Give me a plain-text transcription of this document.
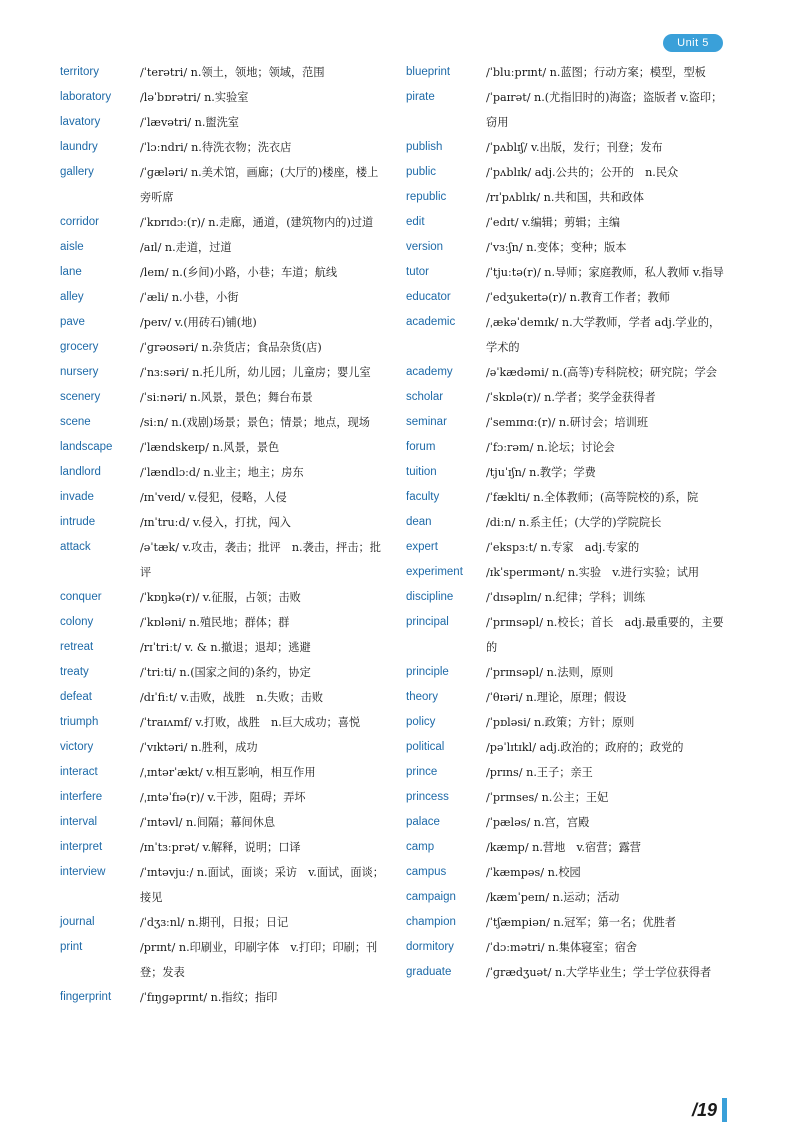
Unit 5
territory	/ˈterətri/ n.领土，领地；领域，范围
laboratory	/ləˈbɒrətri/ n.实验室
lavatory	/ˈlævətri/ n.盥洗室
laundry	/ˈlɔːndri/ n.待洗衣物；洗衣店
gallery	/ˈɡæləri/ n.美术馆，画廊；(大厅的)楼座，楼上旁听席
corridor	/ˈkɒrɪdɔː(r)/ n.走廊，通道，(建筑物内的)过道
aisle	/aɪl/ n.走道，过道
lane	/leɪn/ n.(乡间)小路，小巷；车道；航线
alley	/ˈæli/ n.小巷，小街
pave	/peɪv/ v.(用砖石)铺(地)
grocery	/ˈɡrəʊsəri/ n.杂货店；食品杂货(店)
nursery	/ˈnɜːsəri/ n.托儿所，幼儿园；儿童房；婴儿室
scenery	/ˈsiːnəri/ n.风景，景色；舞台布景
scene	/siːn/ n.(戏剧)场景；景色；情景；地点，现场
landscape	/ˈlændskeɪp/ n.风景，景色
landlord	/ˈlændlɔːd/ n.业主；地主；房东
invade	/ɪnˈveɪd/ v.侵犯，侵略，人侵
intrude	/ɪnˈtruːd/ v.侵入，打扰，闯入
attack	/əˈtæk/ v.攻击，袭击；批评　n.袭击，抨击；批评
conquer	/ˈkɒŋkə(r)/ v.征服，占领；击败
colony	/ˈkɒləni/ n.殖民地；群体；群
retreat	/rɪˈtriːt/ v. & n.撤退；退却；逃避
treaty	/ˈtriːti/ n.(国家之间的)条约，协定
defeat	/dɪˈfiːt/ v.击败，战胜　n.失败；击败
triumph	/ˈtraɪʌmf/ v.打败，战胜　n.巨大成功；喜悦
victory	/ˈvɪktəri/ n.胜利，成功
interact	/ˌɪntərˈækt/ v.相互影响，相互作用
interfere	/ˌɪntəˈfɪə(r)/ v.干涉，阻碍；弄坏
interval	/ˈɪntəvl/ n.间隔；幕间休息
interpret	/ɪnˈtɜːprət/ v.解释，说明；口译
interview	/ˈɪntəvjuː/ n.面试，面谈；采访　v.面试，面谈；接见
journal	/ˈdʒɜːnl/ n.期刊，日报；日记
print	/prɪnt/ n.印刷业，印刷字体　v.打印；印刷；刊登；发表
fingerprint	/ˈfɪŋɡəprɪnt/ n.指纹；指印
blueprint	/ˈbluːprɪnt/ n.蓝图；行动方案；模型，型板
pirate	/ˈpaɪrət/ n.(尤指旧时的)海盗；盗版者 v.盗印；窃用
publish	/ˈpʌblɪʃ/ v.出版，发行；刊登；发布
public	/ˈpʌblɪk/ adj.公共的；公开的　n.民众
republic	/rɪˈpʌblɪk/ n.共和国，共和政体
edit	/ˈedɪt/ v.编辑；剪辑；主编
version	/ˈvɜːʃn/ n.变体；变种；版本
tutor	/ˈtjuːtə(r)/ n.导师；家庭教师，私人教师 v.指导
educator	/ˈedʒukeɪtə(r)/ n.教育工作者；教师
academic	/ˌækəˈdemɪk/ n.大学教师，学者 adj.学业的，学术的
academy	/əˈkædəmi/ n.(高等)专科院校；研究院；学会
scholar	/ˈskɒlə(r)/ n.学者；奖学金获得者
seminar	/ˈsemɪnɑː(r)/ n.研讨会；培训班
forum	/ˈfɔːrəm/ n.论坛；讨论会
tuition	/tjuˈɪʃn/ n.教学；学费
faculty	/ˈfæklti/ n.全体教师；(高等院校的)系，院
dean	/diːn/ n.系主任；(大学的)学院院长
expert	/ˈekspɜːt/ n.专家　adj.专家的
experiment	/ɪkˈsperɪmənt/ n.实验　v.进行实验；试用
discipline	/ˈdɪsəplɪn/ n.纪律；学科；训练
principal	/ˈprɪnsəpl/ n.校长；首长　adj.最重要的，主要的
principle	/ˈprɪnsəpl/ n.法则，原则
theory	/ˈθɪəri/ n.理论，原理；假设
policy	/ˈpɒləsi/ n.政策；方针；原则
political	/pəˈlɪtɪkl/ adj.政治的；政府的；政党的
prince	/prɪns/ n.王子；亲王
princess	/ˈprɪnses/ n.公主；王妃
palace	/ˈpæləs/ n.宫，宫殿
camp	/kæmp/ n.营地　v.宿营；露营
campus	/ˈkæmpəs/ n.校园
campaign	/kæmˈpeɪn/ n.运动；活动
champion	/ˈtʃæmpiən/ n.冠军；第一名；优胜者
dormitory	/ˈdɔːmətri/ n.集体寝室；宿舍
graduate	/ˈɡrædʒuət/ n.大学毕业生；学士学位获得者
/19
